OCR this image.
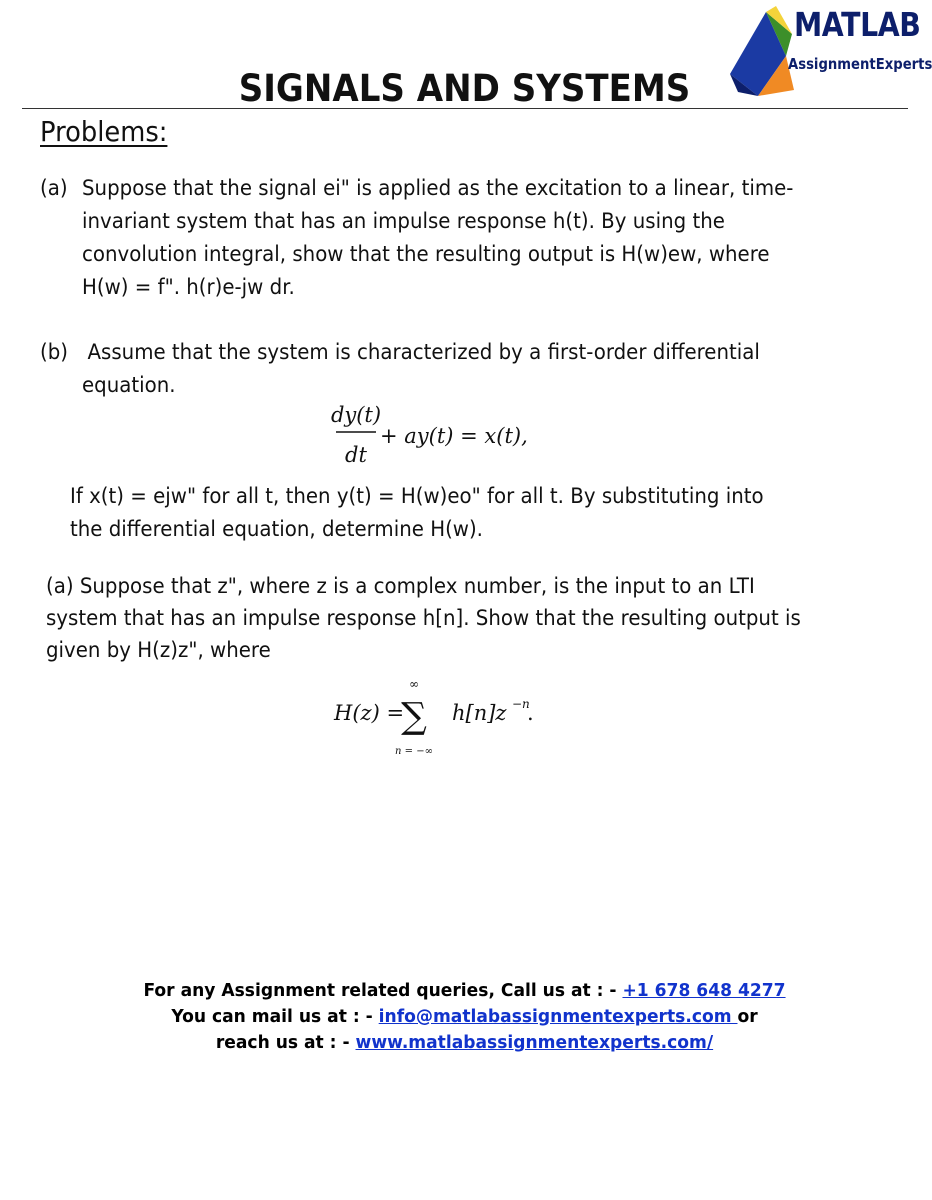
MATLAB
AssignmentExperts
SIGNALS AND SYSTEMS
Problems:
(a) Suppose that the signal ei" is applied as the excitation to a linear, time-
invariant system that has an impulse response h(t). By using the
convolution integral, show that the resulting output is H(w)ew, where
H(w) = f". h(r)e-jw dr.
(b) Assume that the system is characterized by a first-order differential
equation.
dy(t)
dt
+ ay(t) = x(t),
If x(t) = ejw" for all t, then y(t) = H(w)eo" for all t. By substituting into
the differential equation, determine H(w).
(a) Suppose that z", where z is a complex number, is the input to an LTI
system that has an impulse response h[n]. Show that the resulting output is
given by H(z)z", where
H(z) =
∞
∑
n = −∞
h[n]z −n
.
For any Assignment related queries, Call us at : - +1 678 648 4277
You can mail us at : - info@matlabassignmentexperts.com or
reach us at : - www.matlabassignmentexperts.com/
